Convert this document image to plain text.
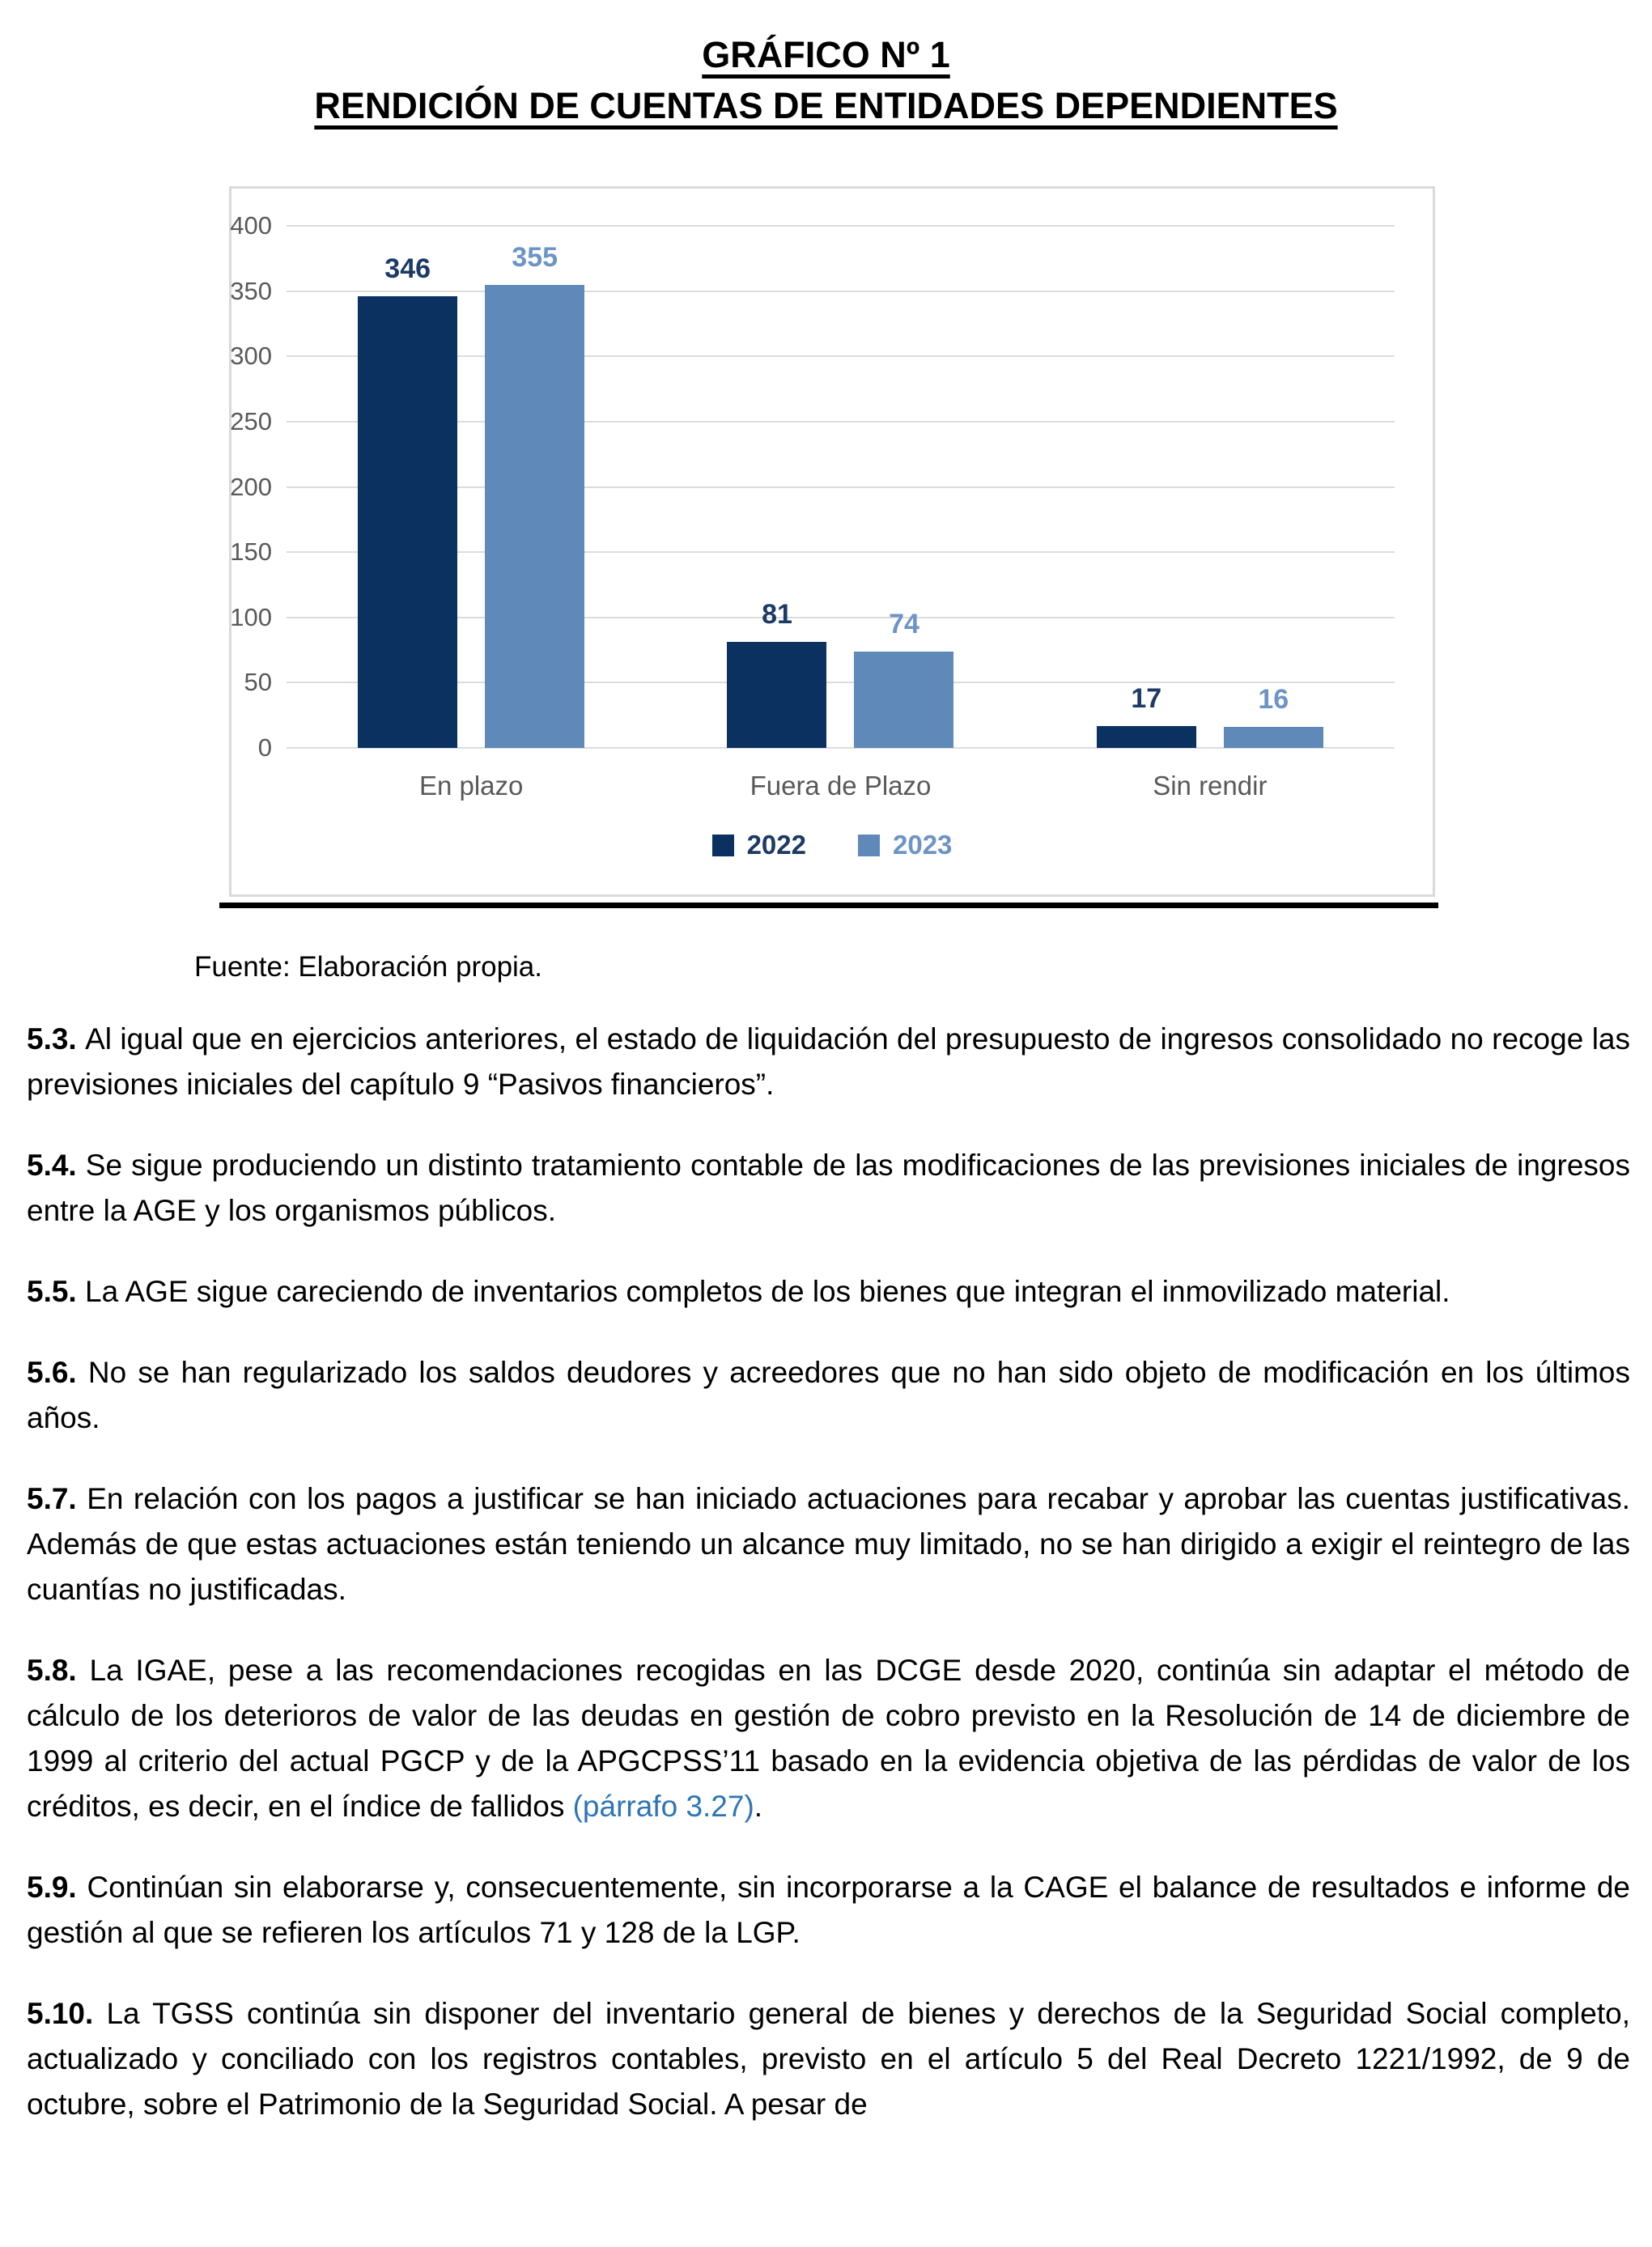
GRÁFICO Nº 1
RENDICIÓN DE CUENTAS DE ENTIDADES DEPENDIENTES
0
50
100
150
200
250
300
350
400
346	355
81	74
17	16
En plazo	Fuera de Plazo	Sin rendir
2022	2023
Fuente: Elaboración propia.

5.3. Al igual que en ejercicios anteriores, el estado de liquidación del presupuesto de ingresos consolidado no recoge las previsiones iniciales del capítulo 9 “Pasivos financieros”.

5.4. Se sigue produciendo un distinto tratamiento contable de las modificaciones de las previsiones iniciales de ingresos entre la AGE y los organismos públicos.

5.5. La AGE sigue careciendo de inventarios completos de los bienes que integran el inmovilizado material.

5.6. No se han regularizado los saldos deudores y acreedores que no han sido objeto de modificación en los últimos años.

5.7. En relación con los pagos a justificar se han iniciado actuaciones para recabar y aprobar las cuentas justificativas. Además de que estas actuaciones están teniendo un alcance muy limitado, no se han dirigido a exigir el reintegro de las cuantías no justificadas.

5.8. La IGAE, pese a las recomendaciones recogidas en las DCGE desde 2020, continúa sin adaptar el método de cálculo de los deterioros de valor de las deudas en gestión de cobro previsto en la Resolución de 14 de diciembre de 1999 al criterio del actual PGCP y de la APGCPSS’11 basado en la evidencia objetiva de las pérdidas de valor de los créditos, es decir, en el índice de fallidos (párrafo 3.27).

5.9. Continúan sin elaborarse y, consecuentemente, sin incorporarse a la CAGE el balance de resultados e informe de gestión al que se refieren los artículos 71 y 128 de la LGP.

5.10. La TGSS continúa sin disponer del inventario general de bienes y derechos de la Seguridad Social completo, actualizado y conciliado con los registros contables, previsto en el artículo 5 del Real Decreto 1221/1992, de 9 de octubre, sobre el Patrimonio de la Seguridad Social. A pesar de
